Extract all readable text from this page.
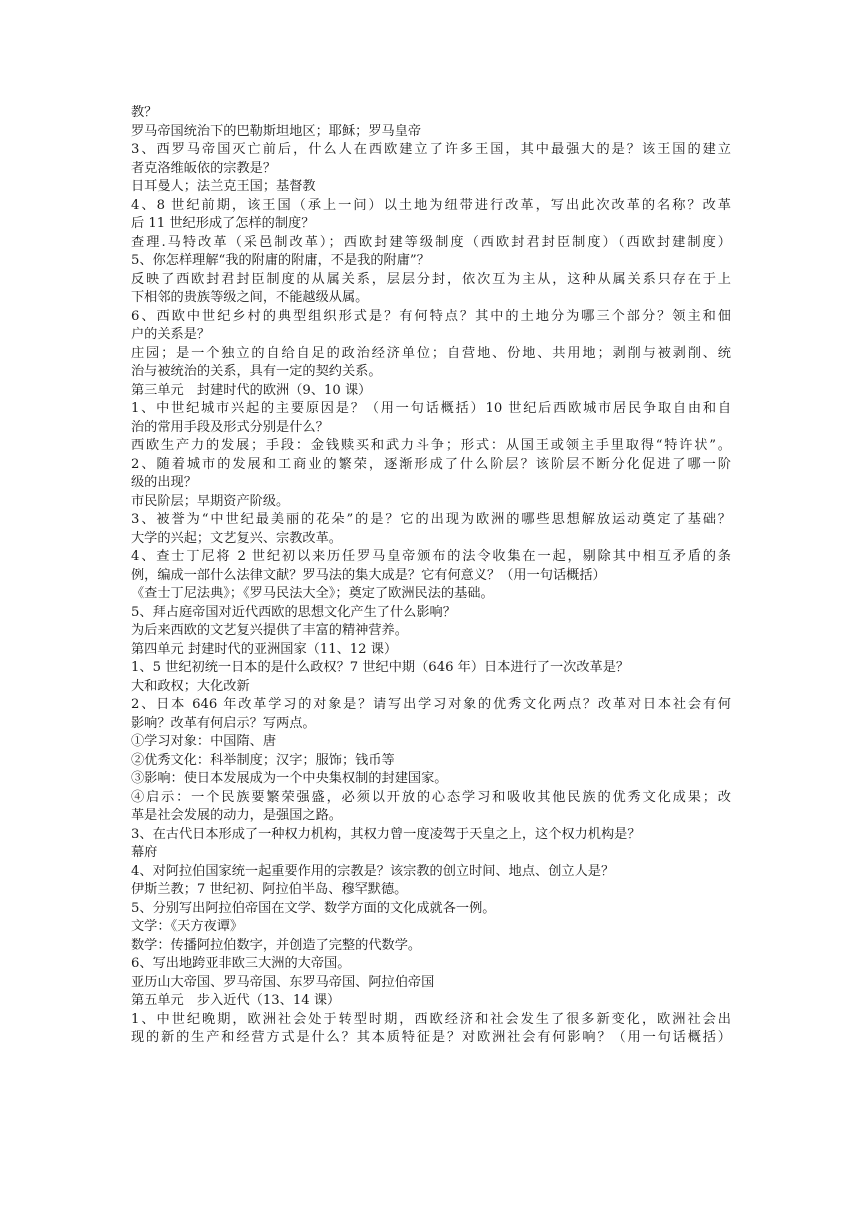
教？
罗马帝国统治下的巴勒斯坦地区；耶稣；罗马皇帝
3、西罗马帝国灭亡前后，什么人在西欧建立了许多王国，其中最强大的是？该王国的建立
者克洛维皈依的宗教是？
日耳曼人；法兰克王国；基督教
4、8 世纪前期，该王国（承上一问）以土地为纽带进行改革，写出此次改革的名称？改革
后 11 世纪形成了怎样的制度？
查理.马特改革（采邑制改革）；西欧封建等级制度（西欧封君封臣制度）（西欧封建制度）
5、你怎样理解“我的附庸的附庸，不是我的附庸”？
反映了西欧封君封臣制度的从属关系，层层分封，依次互为主从，这种从属关系只存在于上
下相邻的贵族等级之间，不能越级从属。
6、西欧中世纪乡村的典型组织形式是？有何特点？其中的土地分为哪三个部分？领主和佃
户的关系是？
庄园；是一个独立的自给自足的政治经济单位；自营地、份地、共用地；剥削与被剥削、统
治与被统治的关系，具有一定的契约关系。
第三单元　封建时代的欧洲（9、10 课）
1、中世纪城市兴起的主要原因是？（用一句话概括）10 世纪后西欧城市居民争取自由和自
治的常用手段及形式分别是什么？
西欧生产力的发展；手段：金钱赎买和武力斗争；形式：从国王或领主手里取得“特许状”。
2、随着城市的发展和工商业的繁荣，逐渐形成了什么阶层？该阶层不断分化促进了哪一阶
级的出现？
市民阶层；早期资产阶级。
3、被誉为“中世纪最美丽的花朵”的是？它的出现为欧洲的哪些思想解放运动奠定了基础？
大学的兴起；文艺复兴、宗教改革。
4、查士丁尼将 2 世纪初以来历任罗马皇帝颁布的法令收集在一起，剔除其中相互矛盾的条
例，编成一部什么法律文献？罗马法的集大成是？它有何意义？（用一句话概括）
《查士丁尼法典》；《罗马民法大全》；奠定了欧洲民法的基础。
5、拜占庭帝国对近代西欧的思想文化产生了什么影响？
为后来西欧的文艺复兴提供了丰富的精神营养。
第四单元 封建时代的亚洲国家（11、12 课）
1、5 世纪初统一日本的是什么政权？7 世纪中期（646 年）日本进行了一次改革是？
大和政权；大化改新
2、日本 646 年改革学习的对象是？请写出学习对象的优秀文化两点？改革对日本社会有何
影响？改革有何启示？写两点。
①学习对象：中国隋、唐
②优秀文化：科举制度；汉字；服饰；钱币等
③影响：使日本发展成为一个中央集权制的封建国家。
④启示：一个民族要繁荣强盛，必须以开放的心态学习和吸收其他民族的优秀文化成果；改
革是社会发展的动力，是强国之路。
3、在古代日本形成了一种权力机构，其权力曾一度凌驾于天皇之上，这个权力机构是？
幕府
4、对阿拉伯国家统一起重要作用的宗教是？该宗教的创立时间、地点、创立人是？
伊斯兰教；7 世纪初、阿拉伯半岛、穆罕默德。
5、分别写出阿拉伯帝国在文学、数学方面的文化成就各一例。
文学：《天方夜谭》
数学：传播阿拉伯数字，并创造了完整的代数学。
6、写出地跨亚非欧三大洲的大帝国。
亚历山大帝国、罗马帝国、东罗马帝国、阿拉伯帝国
第五单元　步入近代（13、14 课）
1、中世纪晚期，欧洲社会处于转型时期，西欧经济和社会发生了很多新变化，欧洲社会出
现的新的生产和经营方式是什么？其本质特征是？对欧洲社会有何影响？（用一句话概括）
